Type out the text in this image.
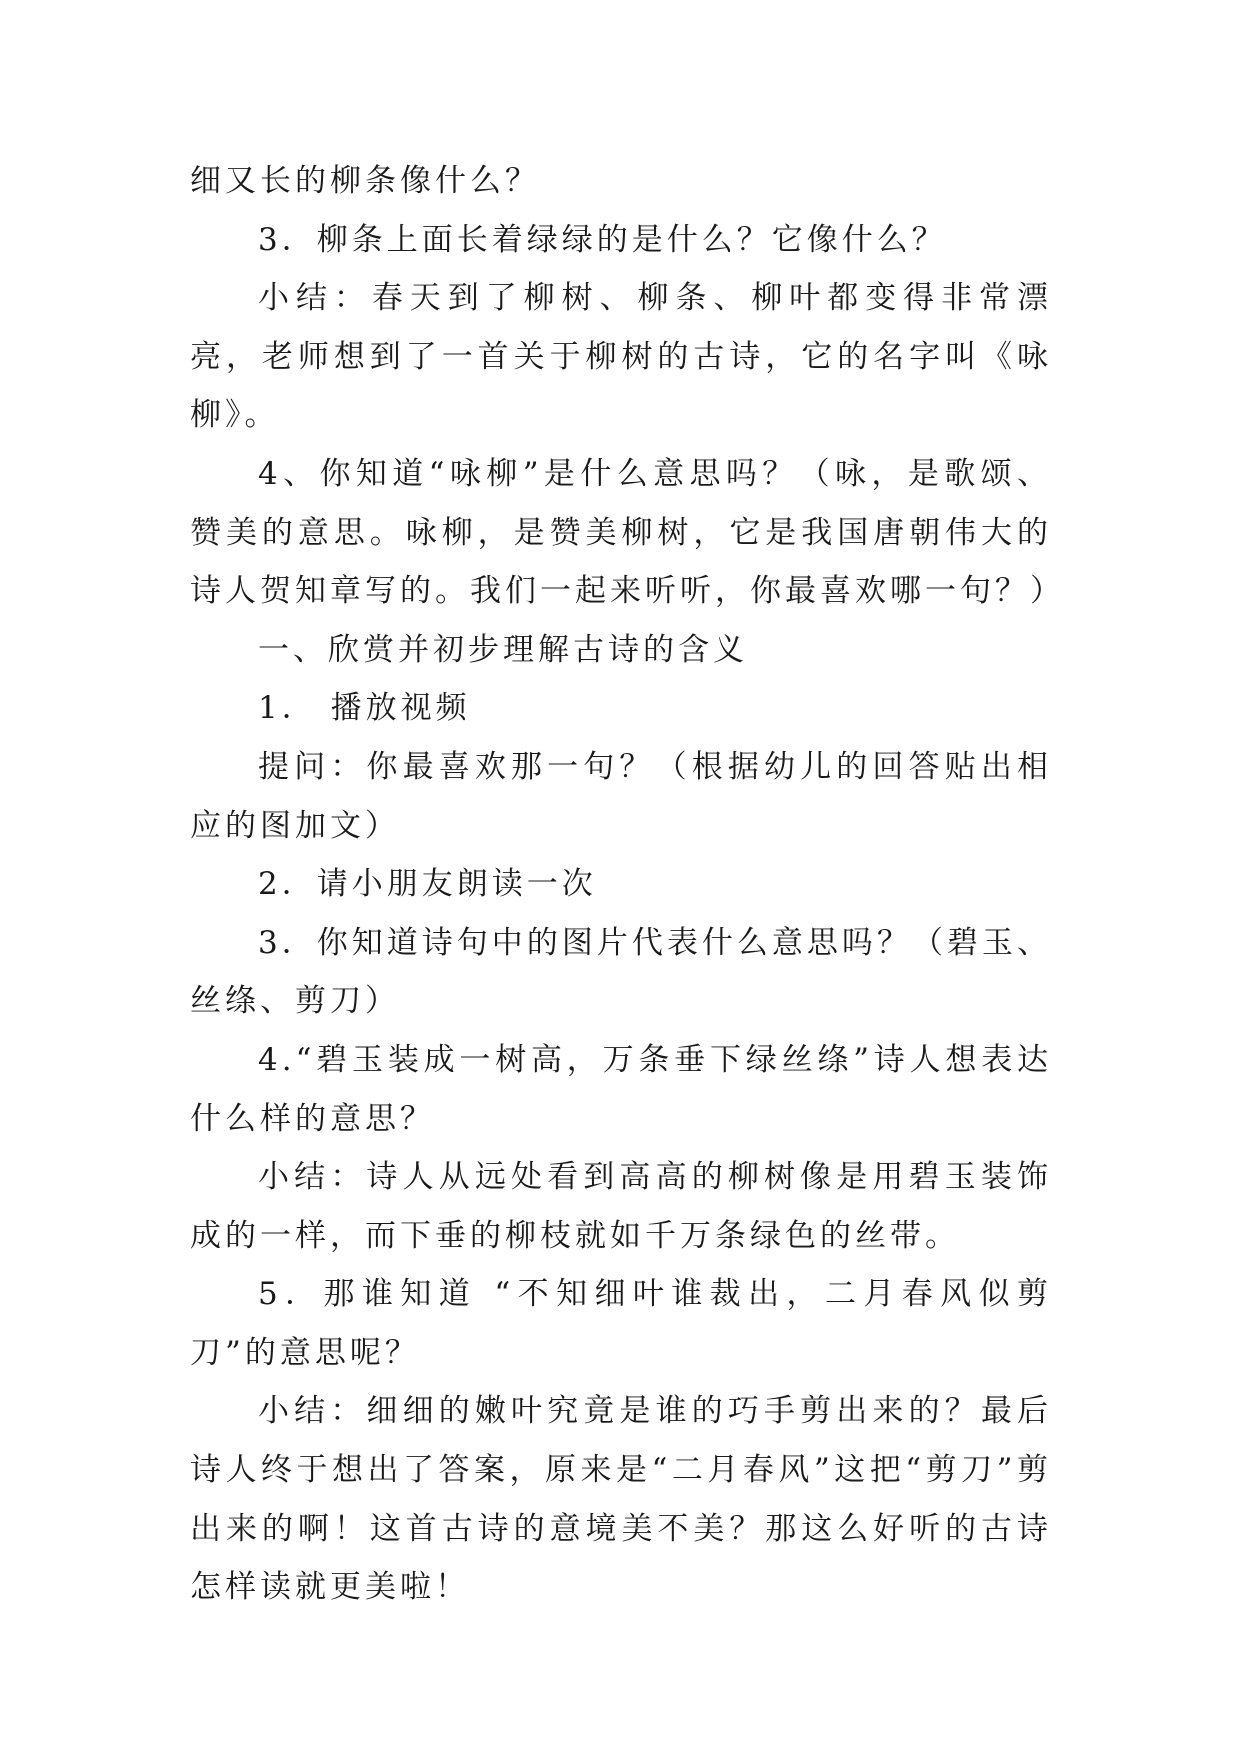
细又长的柳条像什么？

3．柳条上面长着绿绿的是什么？它像什么？

小结：春天到了柳树、柳条、柳叶都变得非常漂亮，老师想到了一首关于柳树的古诗，它的名字叫《咏柳》。

4、你知道“咏柳”是什么意思吗？（咏，是歌颂、赞美的意思。咏柳，是赞美柳树，它是我国唐朝伟大的诗人贺知章写的。我们一起来听听，你最喜欢哪一句？）

一、欣赏并初步理解古诗的含义

1． 播放视频

提问：你最喜欢那一句？（根据幼儿的回答贴出相应的图加文）

2．请小朋友朗读一次

3．你知道诗句中的图片代表什么意思吗？（碧玉、丝绦、剪刀）

4.“碧玉装成一树高，万条垂下绿丝绦”诗人想表达什么样的意思？

小结：诗人从远处看到高高的柳树像是用碧玉装饰成的一样，而下垂的柳枝就如千万条绿色的丝带。

5．那谁知道 “不知细叶谁裁出，二月春风似剪刀”的意思呢？

小结：细细的嫩叶究竟是谁的巧手剪出来的？最后诗人终于想出了答案，原来是“二月春风”这把“剪刀”剪出来的啊！这首古诗的意境美不美？那这么好听的古诗怎样读就更美啦！
